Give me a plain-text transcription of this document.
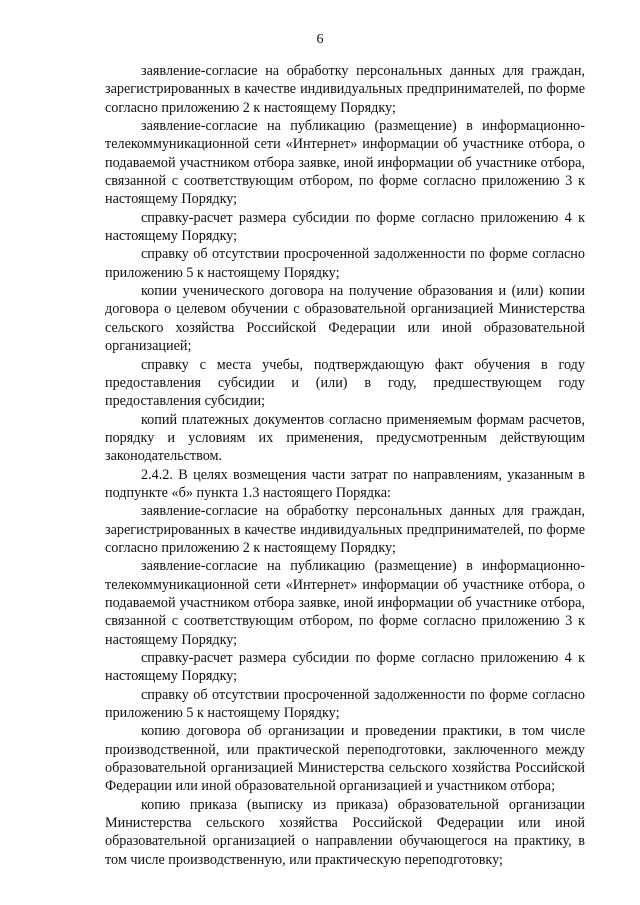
6

заявление-согласие на обработку персональных данных для граждан, зарегистрированных в качестве индивидуальных предпринимателей, по форме согласно приложению 2 к настоящему Порядку;

заявление-согласие на публикацию (размещение) в информационно-телекоммуникационной сети «Интернет» информации об участнике отбора, о подаваемой участником отбора заявке, иной информации об участнике отбора, связанной с соответствующим отбором, по форме согласно приложению 3 к настоящему Порядку;

справку-расчет размера субсидии по форме согласно приложению 4 к настоящему Порядку;

справку об отсутствии просроченной задолженности по форме согласно приложению 5 к настоящему Порядку;

копии ученического договора на получение образования и (или) копии договора о целевом обучении с образовательной организацией Министерства сельского хозяйства Российской Федерации или иной образовательной организацией;

справку с места учебы, подтверждающую факт обучения в году предоставления субсидии и (или) в году, предшествующем году предоставления субсидии;

копий платежных документов согласно применяемым формам расчетов, порядку и условиям их применения, предусмотренным действующим законодательством.

2.4.2. В целях возмещения части затрат по направлениям, указанным в подпункте «б» пункта 1.3 настоящего Порядка:

заявление-согласие на обработку персональных данных для граждан, зарегистрированных в качестве индивидуальных предпринимателей, по форме согласно приложению 2 к настоящему Порядку;

заявление-согласие на публикацию (размещение) в информационно-телекоммуникационной сети «Интернет» информации об участнике отбора, о подаваемой участником отбора заявке, иной информации об участнике отбора, связанной с соответствующим отбором, по форме согласно приложению 3 к настоящему Порядку;

справку-расчет размера субсидии по форме согласно приложению 4 к настоящему Порядку;

справку об отсутствии просроченной задолженности по форме согласно приложению 5 к настоящему Порядку;

копию договора об организации и проведении практики, в том числе производственной, или практической переподготовки, заключенного между образовательной организацией Министерства сельского хозяйства Российской Федерации или иной образовательной организацией и участником отбора;

копию приказа (выписку из приказа) образовательной организации Министерства сельского хозяйства Российской Федерации или иной образовательной организацией о направлении обучающегося на практику, в том числе производственную, или практическую переподготовку;
